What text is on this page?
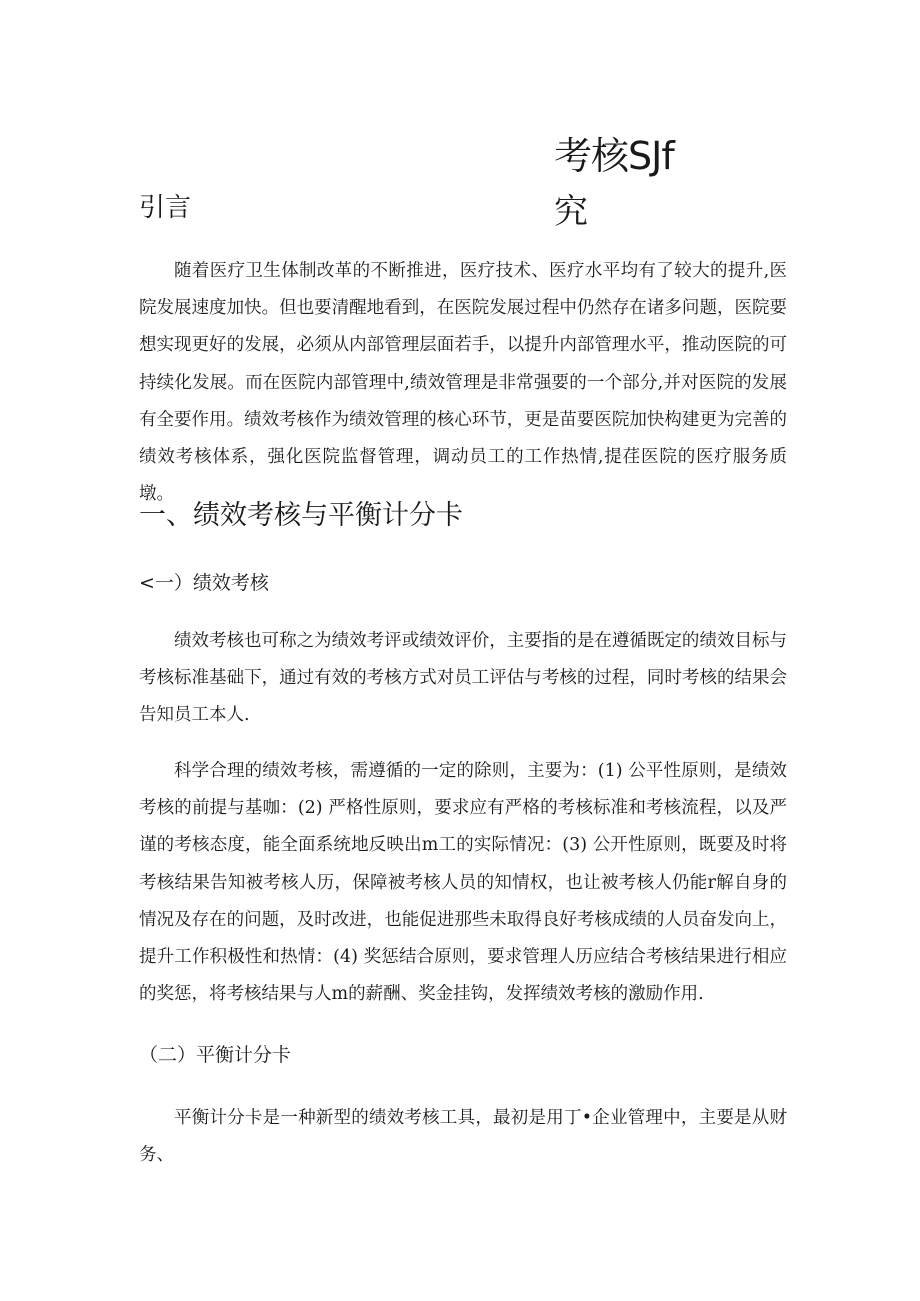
考核SJf
究
引言

随着医疗卫生体制改革的不断推进，医疗技术、医疗水平均有了较大的提升,医院发展速度加快。但也要清醒地看到，在医院发展过程中仍然存在诸多问题，医院要想实现更好的发展，必须从内部管理层面若手，以提升内部管理水平，推动医院的可持续化发展。而在医院内部管理中,绩效管理是非常强要的一个部分,并对医院的发展有全要作用。绩效考核作为绩效管理的核心环节，更是苗要医院加快构建更为完善的绩效考核体系，强化医院监督管理，调动员工的工作热情,提荏医院的医疗服务质墩。

一、绩效考核与平衡计分卡
<一）绩效考核

绩效考核也可称之为绩效考评或绩效评价，主要指的是在遵循既定的绩效目标与考核标准基础下，通过有效的考核方式对员工评估与考核的过程，同时考核的结果会告知员工本人.

科学合理的绩效考核，需遵循的一定的除则，主要为：(1) 公平性原则，是绩效考核的前提与基咖：(2) 严格性原则，要求应有严格的考核标准和考核流程，以及严谨的考核态度，能全面系统地反映出m工的实际情况：(3) 公开性原则，既要及时将考核结果告知被考核人历，保障被考核人员的知情权，也让被考核人仍能r解自身的情况及存在的问题，及时改进，也能促进那些未取得良好考核成绩的人员奋发向上，提升工作积极性和热情：(4) 奖惩结合原则，要求管理人历应结合考核结果进行相应的奖惩，将考核结果与人m的薪酬、奖金挂钩，发挥绩效考核的激励作用.

（二）平衡计分卡

平衡计分卡是一种新型的绩效考核工具，最初是用丁•企业管理中，主要是从财务、
